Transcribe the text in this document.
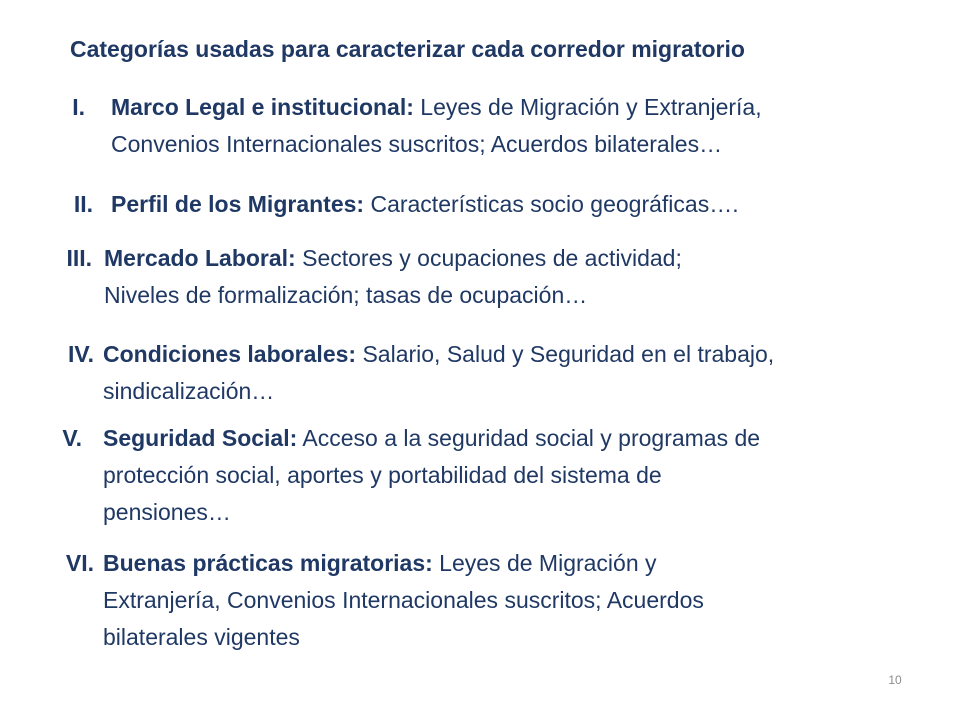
Categorías usadas para caracterizar cada corredor migratorio
I. Marco Legal e institucional: Leyes de Migración y Extranjería,
Convenios Internacionales suscritos; Acuerdos bilaterales…
II. Perfil de los Migrantes: Características socio geográficas….
III. Mercado Laboral: Sectores y ocupaciones de actividad;
Niveles de formalización; tasas de ocupación…
IV. Condiciones laborales: Salario, Salud y Seguridad en el trabajo,
sindicalización…
V. Seguridad Social: Acceso a la seguridad social y programas de
protección social, aportes y portabilidad del sistema de
pensiones…
VI. Buenas prácticas migratorias: Leyes de Migración y
Extranjería, Convenios Internacionales suscritos; Acuerdos
bilaterales vigentes
10
